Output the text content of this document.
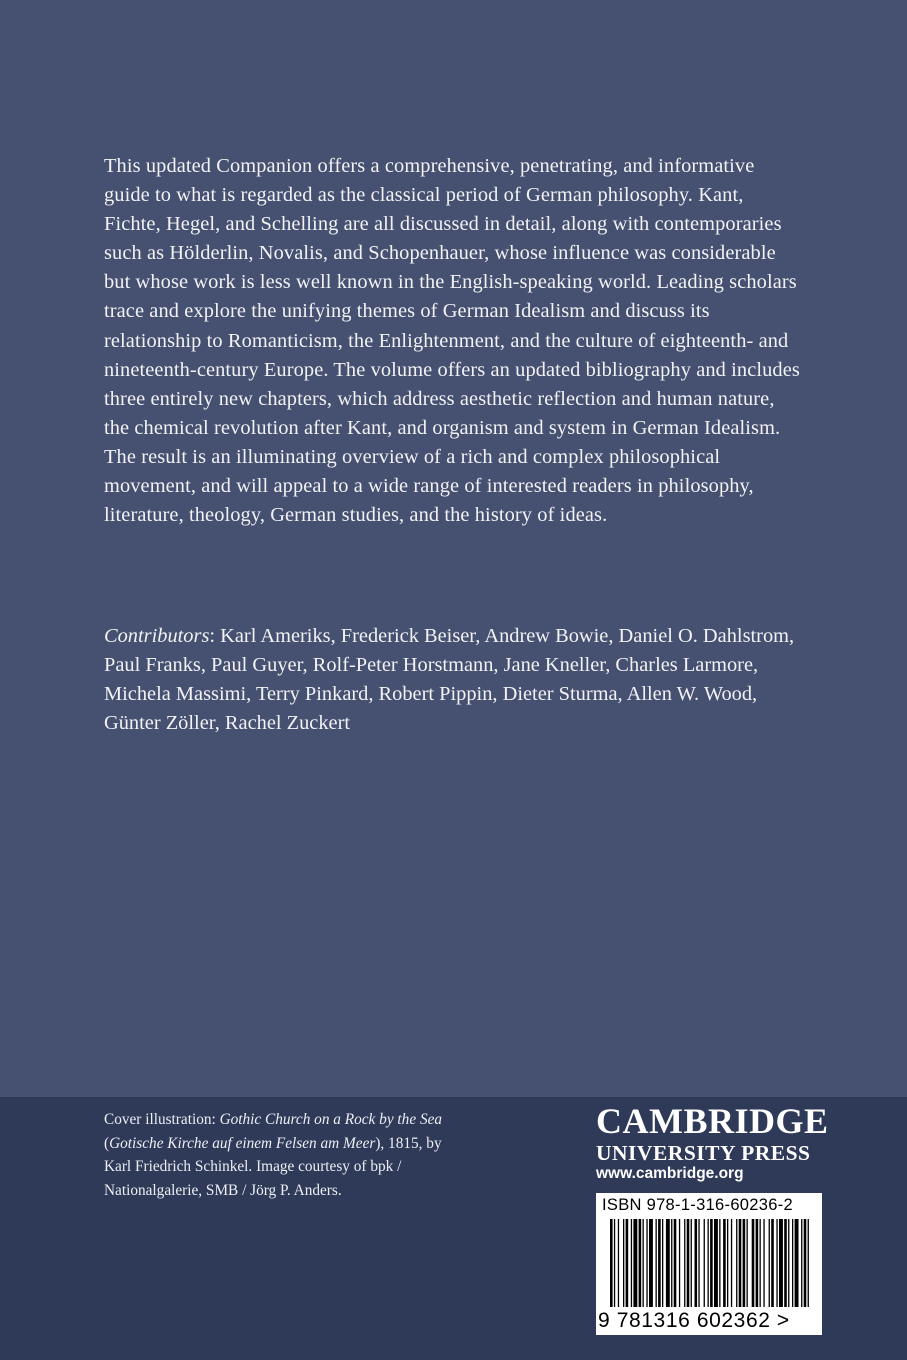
This updated Companion offers a comprehensive, penetrating, and informative guide to what is regarded as the classical period of German philosophy. Kant, Fichte, Hegel, and Schelling are all discussed in detail, along with contemporaries such as Hölderlin, Novalis, and Schopenhauer, whose influence was considerable but whose work is less well known in the English-speaking world. Leading scholars trace and explore the unifying themes of German Idealism and discuss its relationship to Romanticism, the Enlightenment, and the culture of eighteenth- and nineteenth-century Europe. The volume offers an updated bibliography and includes three entirely new chapters, which address aesthetic reflection and human nature, the chemical revolution after Kant, and organism and system in German Idealism. The result is an illuminating overview of a rich and complex philosophical movement, and will appeal to a wide range of interested readers in philosophy, literature, theology, German studies, and the history of ideas.

Contributors: Karl Ameriks, Frederick Beiser, Andrew Bowie, Daniel O. Dahlstrom, Paul Franks, Paul Guyer, Rolf-Peter Horstmann, Jane Kneller, Charles Larmore, Michela Massimi, Terry Pinkard, Robert Pippin, Dieter Sturma, Allen W. Wood, Günter Zöller, Rachel Zuckert

Cover illustration: Gothic Church on a Rock by the Sea (Gotische Kirche auf einem Felsen am Meer), 1815, by Karl Friedrich Schinkel. Image courtesy of bpk / Nationalgalerie, SMB / Jörg P. Anders.

CAMBRIDGE
UNIVERSITY PRESS
www.cambridge.org
ISBN 978-1-316-60236-2
9 781316 602362 >
